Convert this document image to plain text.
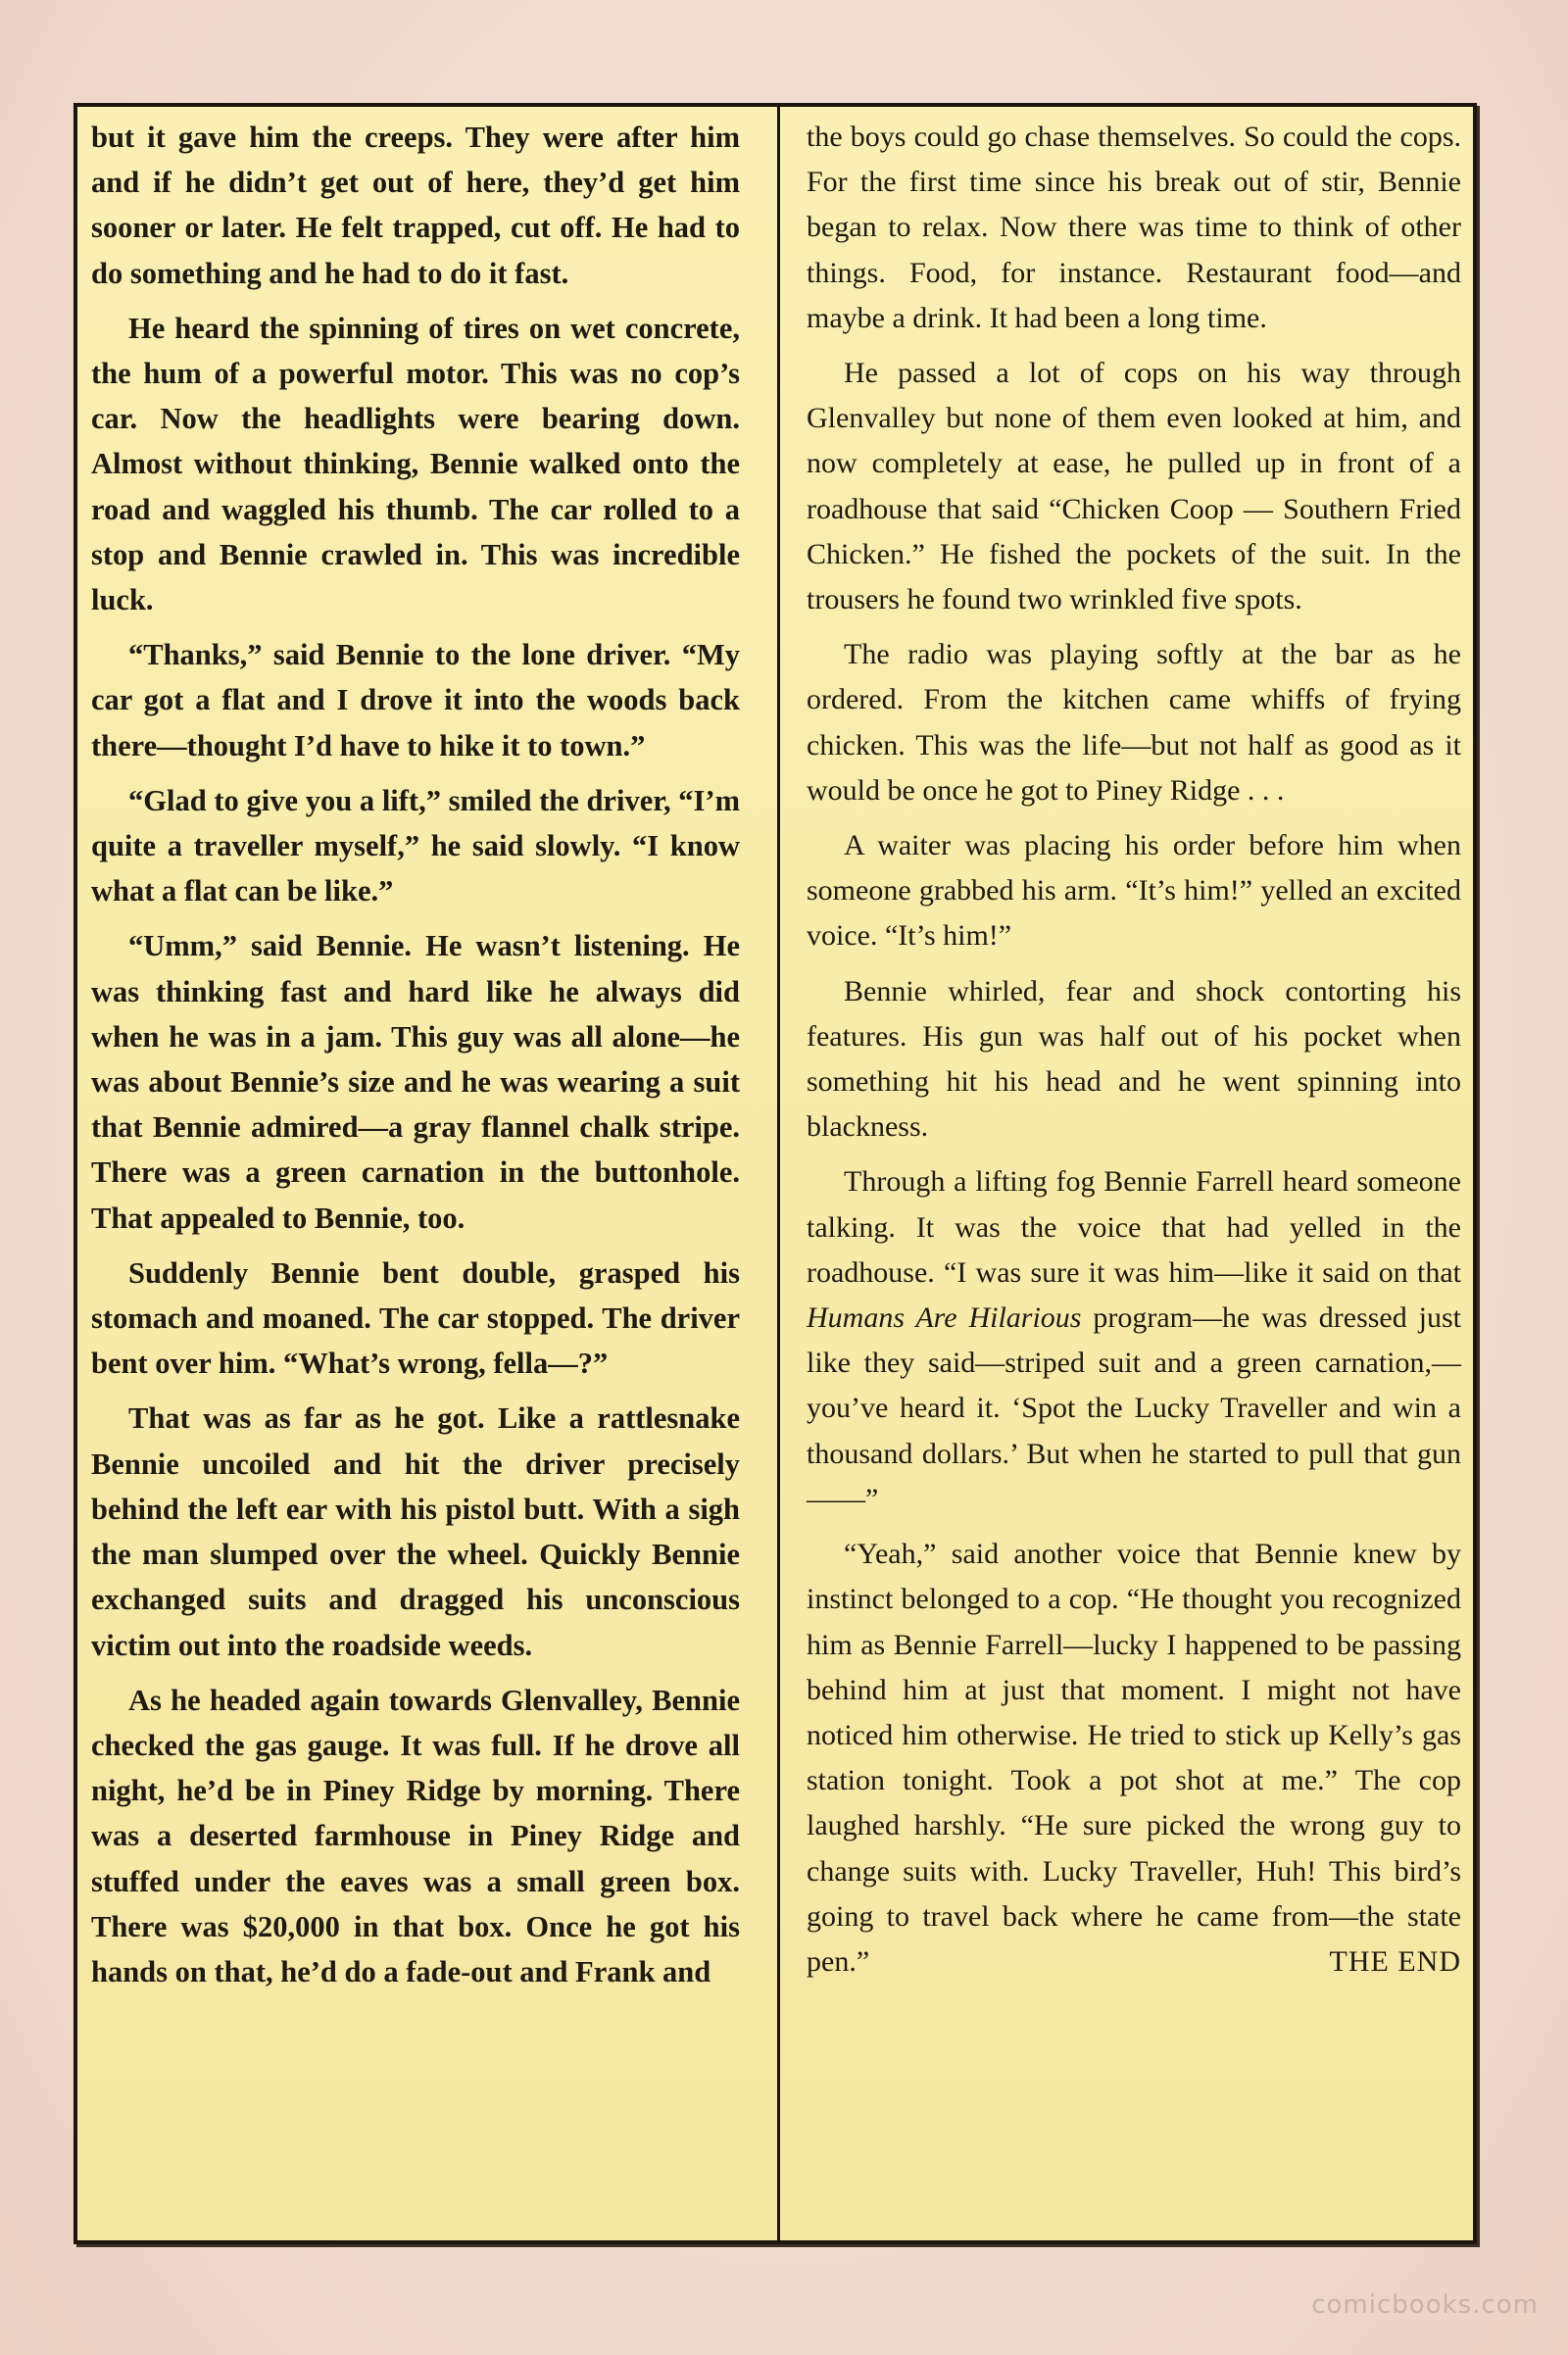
but it gave him the creeps. They were after him and if he didn’t get out of here, they’d get him sooner or later. He felt trapped, cut off. He had to do something and he had to do it fast.

He heard the spinning of tires on wet concrete, the hum of a powerful motor. This was no cop’s car. Now the headlights were bearing down. Almost without thinking, Bennie walked onto the road and waggled his thumb. The car rolled to a stop and Bennie crawled in. This was incredible luck.

“Thanks,” said Bennie to the lone driver. “My car got a flat and I drove it into the woods back there—thought I’d have to hike it to town.”

“Glad to give you a lift,” smiled the driver, “I’m quite a traveller myself,” he said slowly. “I know what a flat can be like.”

“Umm,” said Bennie. He wasn’t listening. He was thinking fast and hard like he always did when he was in a jam. This guy was all alone—he was about Bennie’s size and he was wearing a suit that Bennie admired—a gray flannel chalk stripe. There was a green carnation in the buttonhole. That appealed to Bennie, too.

Suddenly Bennie bent double, grasped his stomach and moaned. The car stopped. The driver bent over him. “What’s wrong, fella—?”

That was as far as he got. Like a rattlesnake Bennie uncoiled and hit the driver precisely behind the left ear with his pistol butt. With a sigh the man slumped over the wheel. Quickly Bennie exchanged suits and dragged his unconscious victim out into the roadside weeds.

As he headed again towards Glenvalley, Bennie checked the gas gauge. It was full. If he drove all night, he’d be in Piney Ridge by morning. There was a deserted farmhouse in Piney Ridge and stuffed under the eaves was a small green box. There was $20,000 in that box. Once he got his hands on that, he’d do a fade-out and Frank and

the boys could go chase themselves. So could the cops. For the first time since his break out of stir, Bennie began to relax. Now there was time to think of other things. Food, for instance. Restaurant food—and maybe a drink. It had been a long time.

He passed a lot of cops on his way through Glenvalley but none of them even looked at him, and now completely at ease, he pulled up in front of a roadhouse that said “Chicken Coop — Southern Fried Chicken.” He fished the pockets of the suit. In the trousers he found two wrinkled five spots.

The radio was playing softly at the bar as he ordered. From the kitchen came whiffs of frying chicken. This was the life—but not half as good as it would be once he got to Piney Ridge . . .

A waiter was placing his order before him when someone grabbed his arm. “It’s him!” yelled an excited voice. “It’s him!”

Bennie whirled, fear and shock contorting his features. His gun was half out of his pocket when something hit his head and he went spinning into blackness.

Through a lifting fog Bennie Farrell heard someone talking. It was the voice that had yelled in the roadhouse. “I was sure it was him—like it said on that Humans Are Hilarious program—he was dressed just like they said—striped suit and a green carnation,—you’ve heard it. ‘Spot the Lucky Traveller and win a thousand dollars.’ But when he started to pull that gun——”

“Yeah,” said another voice that Bennie knew by instinct belonged to a cop. “He thought you recognized him as Bennie Farrell—lucky I happened to be passing behind him at just that moment. I might not have noticed him otherwise. He tried to stick up Kelly’s gas station tonight. Took a pot shot at me.” The cop laughed harshly. “He sure picked the wrong guy to change suits with. Lucky Traveller, Huh! This bird’s going to travel back where he came from—the state pen.”	THE END

comicbooks.com
